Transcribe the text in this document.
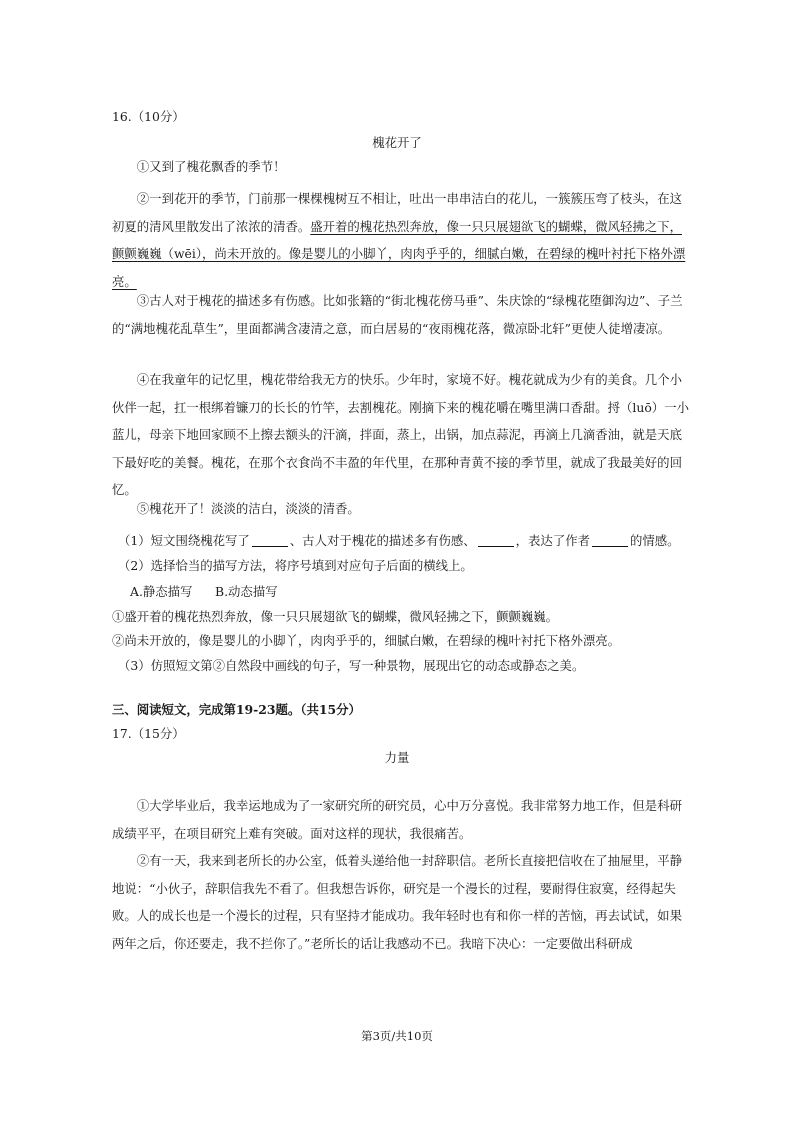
16.（10分）
槐花开了
①又到了槐花飘香的季节！
②一到花开的季节，门前那一棵棵槐树互不相让，吐出一串串洁白的花儿，一簇簇压弯了枝头，在这初夏的清风里散发出了浓浓的清香。盛开着的槐花热烈奔放，像一只只展翅欲飞的蝴蝶，微风轻拂之下，颤颤巍巍（wēi），尚未开放的。像是婴儿的小脚丫，肉肉乎乎的，细腻白嫩，在碧绿的槐叶衬托下格外漂亮。
③古人对于槐花的描述多有伤感。比如张籍的“街北槐花傍马垂”、朱庆馀的“绿槐花堕御沟边”、子兰的“满地槐花乱草生”，里面都满含凄清之意，而白居易的“夜雨槐花落，微凉卧北轩”更使人徒增凄凉。
④在我童年的记忆里，槐花带给我无方的快乐。少年时，家境不好。槐花就成为少有的美食。几个小伙伴一起，扛一根绑着镰刀的长长的竹竿，去割槐花。刚摘下来的槐花嚼在嘴里满口香甜。捋（luō）一小蓝儿，母亲下地回家顾不上擦去额头的汗滴，拌面，蒸上，出锅，加点蒜泥，再滴上几滴香油，就是天底下最好吃的美餐。槐花，在那个衣食尚不丰盈的年代里，在那种青黄不接的季节里，就成了我最美好的回忆。
⑤槐花开了！淡淡的洁白，淡淡的清香。
（1）短文围绕槐花写了	、古人对于槐花的描述多有伤感、	，表达了作者	的情感。
（2）选择恰当的描写方法，将序号填到对应句子后面的横线上。
A.静态描写 B.动态描写
①盛开着的槐花热烈奔放，像一只只展翅欲飞的蝴蝶，微风轻拂之下，颤颤巍巍。
②尚未开放的，像是婴儿的小脚丫，肉肉乎乎的，细腻白嫩，在碧绿的槐叶衬托下格外漂亮。
（3）仿照短文第②自然段中画线的句子，写一种景物，展现出它的动态或静态之美。
三、阅读短文，完成第19-23题。（共15分）
17.（15分）
力量
①大学毕业后，我幸运地成为了一家研究所的研究员，心中万分喜悦。我非常努力地工作，但是科研成绩平平，在项目研究上难有突破。面对这样的现状，我很痛苦。
②有一天，我来到老所长的办公室，低着头递给他一封辞职信。老所长直接把信收在了抽屉里，平静地说：“小伙子，辞职信我先不看了。但我想告诉你，研究是一个漫长的过程，要耐得住寂寞，经得起失败。人的成长也是一个漫长的过程，只有坚持才能成功。我年轻时也有和你一样的苦恼，再去试试，如果两年之后，你还要走，我不拦你了。”老所长的话让我感动不已。我暗下决心：一定要做出科研成
第3页/共10页
